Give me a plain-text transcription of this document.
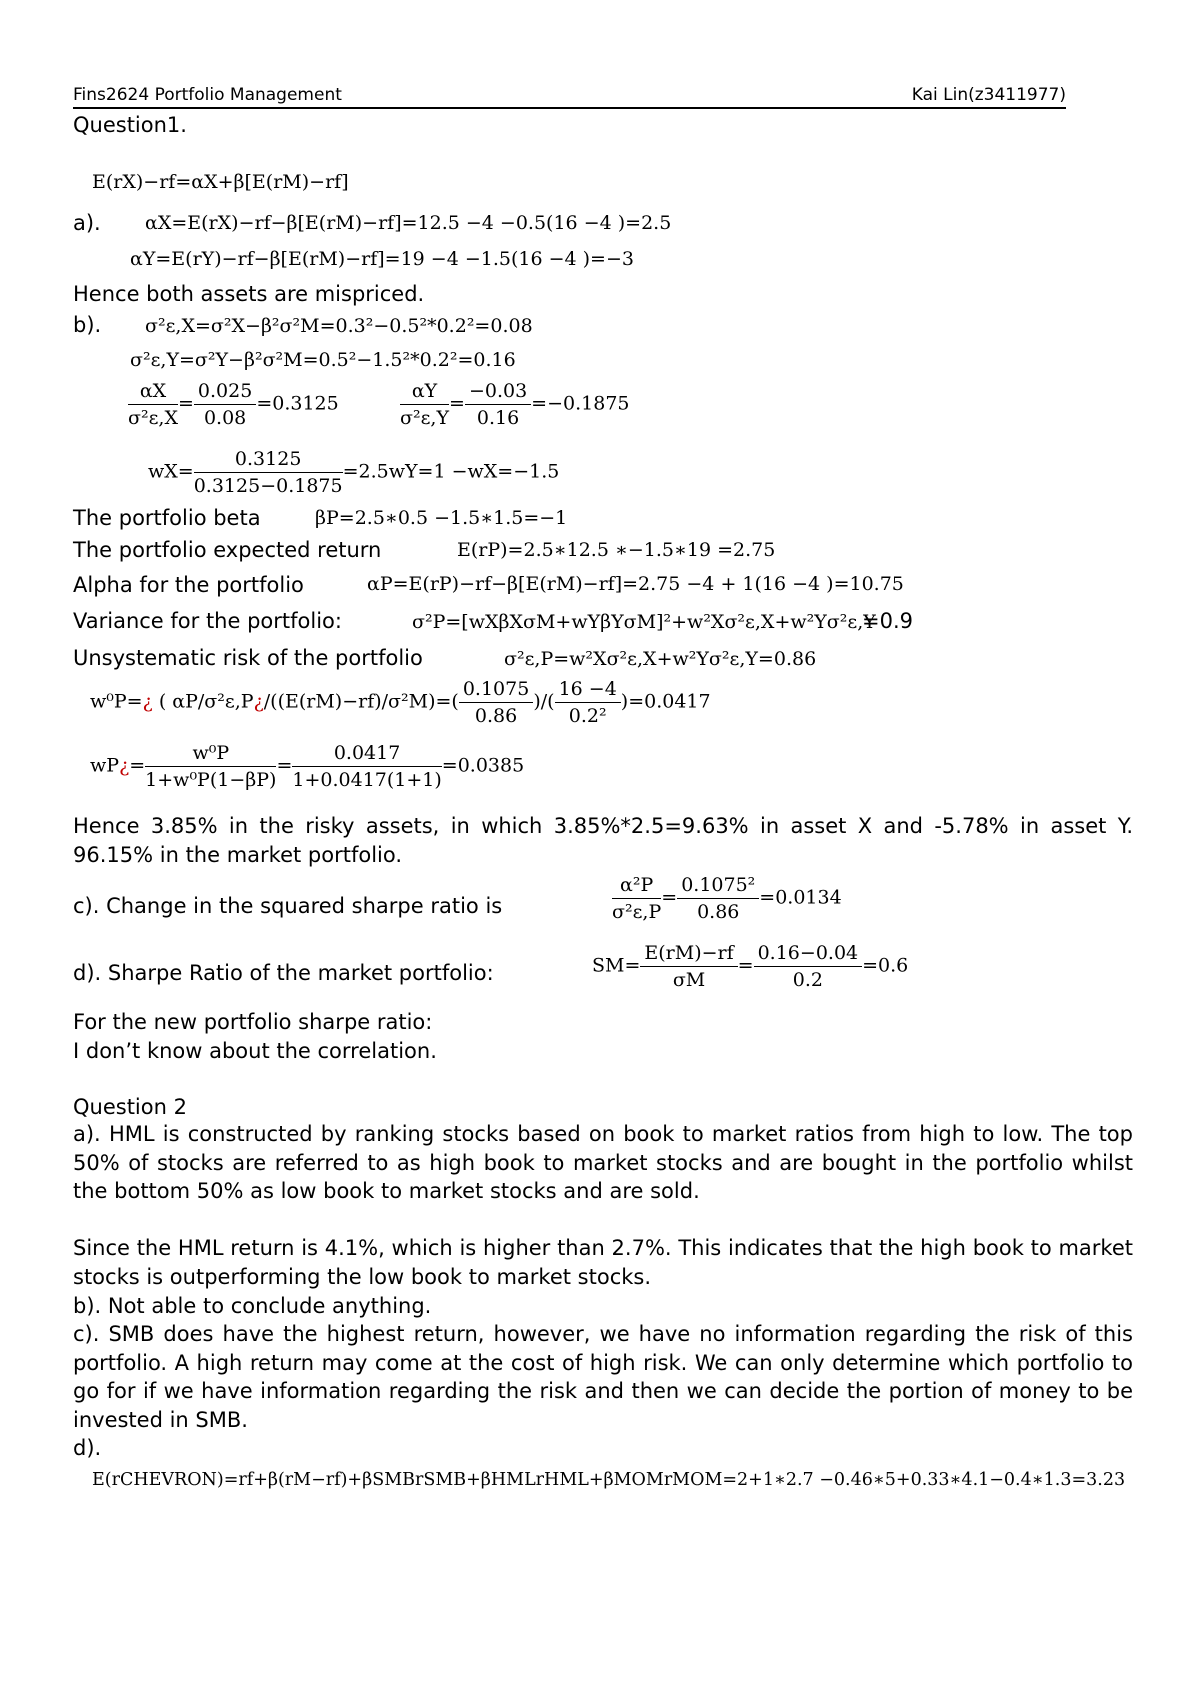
Fins2624 Portfolio Management	Kai Lin(z3411977)
Question1.
E(rX)−rf=αX+β[E(rM)−rf]
a). αX=E(rX)−rf−β[E(rM)−rf]=12.5 −4 −0.5(16 −4 )=2.5
αY=E(rY)−rf−β[E(rM)−rf]=19 −4 −1.5(16 −4 )=−3
Hence both assets are mispriced.
b). σ²ε,X=σ²X−β²σ²M=0.3²−0.5²*0.2²=0.08
σ²ε,Y=σ²Y−β²σ²M=0.5²−1.5²*0.2²=0.16
$\frac{\alpha X}{\text{σ²ε,X}} = \frac{0.025}{0.08} =0.3125$	$\frac{\alpha Y}{\text{σ²ε,Y}} = \frac{-0.03}{0.16} =-0.1875$
$wX= \frac{0.3125}{0.3125-0.1875} =2.5wY=1 -wX=-1.5$
The portfolio beta	βP=2.5∗0.5 −1.5∗1.5=−1
The portfolio expected return	E(rP)=2.5∗12.5 ∗−1.5∗19 =2.75
Alpha for the portfolio	αP=E(rP)−rf−β[E(rM)−rf]=2.75 −4 + 1(16 −4 )=10.75
Variance for the portfolio:	σ²P=[wXβXσM+wYβYσM]²+w²Xσ²ε,X+w²Yσ²ε,Y
=0.9
Unsystematic risk of the portfolio	σ²ε,P=w²Xσ²ε,X+w²Yσ²ε,Y=0.86
w⁰P=¿ ( αP/σ²ε,P¿/((E(rM)−rf)/σ²M)=( $\frac{0.1075}{0.86}$ )/( $\frac{16 -4}{\text{0.2²}} )=0.0417$
wP¿= $\frac{\text{w⁰P}}{\text{1+w⁰P(1−βP)}} = \frac{0.0417}{1+0.0417(1+1)} =0.0385$
Hence 3.85% in the risky assets, in which 3.85%*2.5=9.63% in asset X and -5.78% in asset Y. 96.15% in the market portfolio.
c). Change in the squared sharpe ratio is	$\frac{\text{α²P}}{\text{σ²ε,P}} = \frac{\text{0.1075²}}{0.86} =0.0134$
d). Sharpe Ratio of the market portfolio:	$SM= \frac{E(rM)-rf}{\sigma M} = \frac{0.16-0.04}{0.2} =0.6$
For the new portfolio sharpe ratio:
I don’t know about the correlation.
Question 2
a). HML is constructed by ranking stocks based on book to market ratios from high to low. The top 50% of stocks are referred to as high book to market stocks and are bought in the portfolio whilst the bottom 50% as low book to market stocks and are sold.
Since the HML return is 4.1%, which is higher than 2.7%. This indicates that the high book to market stocks is outperforming the low book to market stocks.
b). Not able to conclude anything.
c). SMB does have the highest return, however, we have no information regarding the risk of this portfolio. A high return may come at the cost of high risk. We can only determine which portfolio to go for if we have information regarding the risk and then we can decide the portion of money to be invested in SMB.
d).
E(rCHEVRON)=rf+β(rM−rf)+βSMBrSMB+βHMLrHML+βMOMrMOM=2+1∗2.7 −0.46∗5+0.33∗4.1−0.4∗1.3=3.23
